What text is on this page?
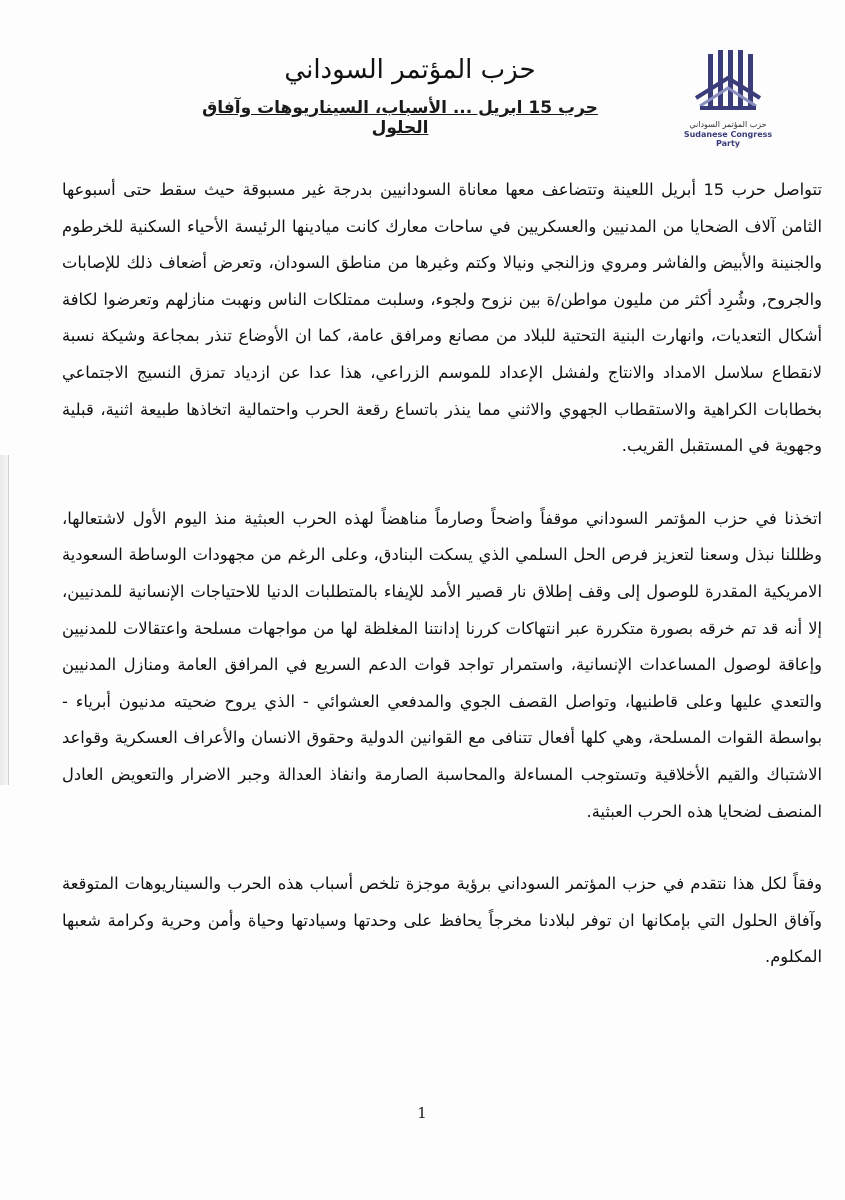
حزب المؤتمر السوداني
Sudanese Congress Party
حزب المؤتمر السوداني
حرب 15 ابريل ... الأسباب، السيناريوهات وآفاق الحلول

تتواصل حرب 15 أبريل اللعينة وتتضاعف معها معاناة السودانيين بدرجة غير مسبوقة حيث سقط حتى أسبوعها الثامن آلاف الضحايا من المدنيين والعسكريين في ساحات معارك كانت ميادينها الرئيسة الأحياء السكنية للخرطوم والجنينة والأبيض والفاشر ومروي وزالنجي ونيالا وكتم وغيرها من مناطق السودان، وتعرض أضعاف ذلك للإصابات والجروح, وشُرِد أكثر من مليون مواطن/ة بين نزوح ولجوء، وسلبت ممتلكات الناس ونهبت منازلهم وتعرضوا لكافة أشكال التعديات، وانهارت البنية التحتية للبلاد من مصانع ومرافق عامة، كما ان الأوضاع تنذر بمجاعة وشيكة نسبة لانقطاع سلاسل الامداد والانتاج ولفشل الإعداد للموسم الزراعي، هذا عدا عن ازدياد تمزق النسيج الاجتماعي بخطابات الكراهية والاستقطاب الجهوي والاثني مما ينذر باتساع رقعة الحرب واحتمالية اتخاذها طبيعة اثنية، قبلية وجهوية في المستقبل القريب.

اتخذنا في حزب المؤتمر السوداني موقفاً واضحاً وصارماً مناهضاً لهذه الحرب العبثية منذ اليوم الأول لاشتعالها، وظللنا نبذل وسعنا لتعزيز فرص الحل السلمي الذي يسكت البنادق، وعلى الرغم من مجهودات الوساطة السعودية الامريكية المقدرة للوصول إلى وقف إطلاق نار قصير الأمد للإيفاء بالمتطلبات الدنيا للاحتياجات الإنسانية للمدنيين، إلا أنه قد تم خرقه بصورة متكررة عبر انتهاكات كررنا إدانتنا المغلظة لها من مواجهات مسلحة واعتقالات للمدنيين وإعاقة لوصول المساعدات الإنسانية، واستمرار تواجد قوات الدعم السريع في المرافق العامة ومنازل المدنيين والتعدي عليها وعلى قاطنيها، وتواصل القصف الجوي والمدفعي العشوائي - الذي يروح ضحيته مدنيون أبرياء - بواسطة القوات المسلحة، وهي كلها أفعال تتنافى مع القوانين الدولية وحقوق الانسان والأعراف العسكرية وقواعد الاشتباك والقيم الأخلاقية وتستوجب المساءلة والمحاسبة الصارمة وانفاذ العدالة وجبر الاضرار والتعويض العادل المنصف لضحايا هذه الحرب العبثية.

وفقاً لكل هذا نتقدم في حزب المؤتمر السوداني برؤية موجزة تلخص أسباب هذه الحرب والسيناريوهات المتوقعة وآفاق الحلول التي بإمكانها ان توفر لبلادنا مخرجاً يحافظ على وحدتها وسيادتها وحياة وأمن وحرية وكرامة شعبها المكلوم.

1
